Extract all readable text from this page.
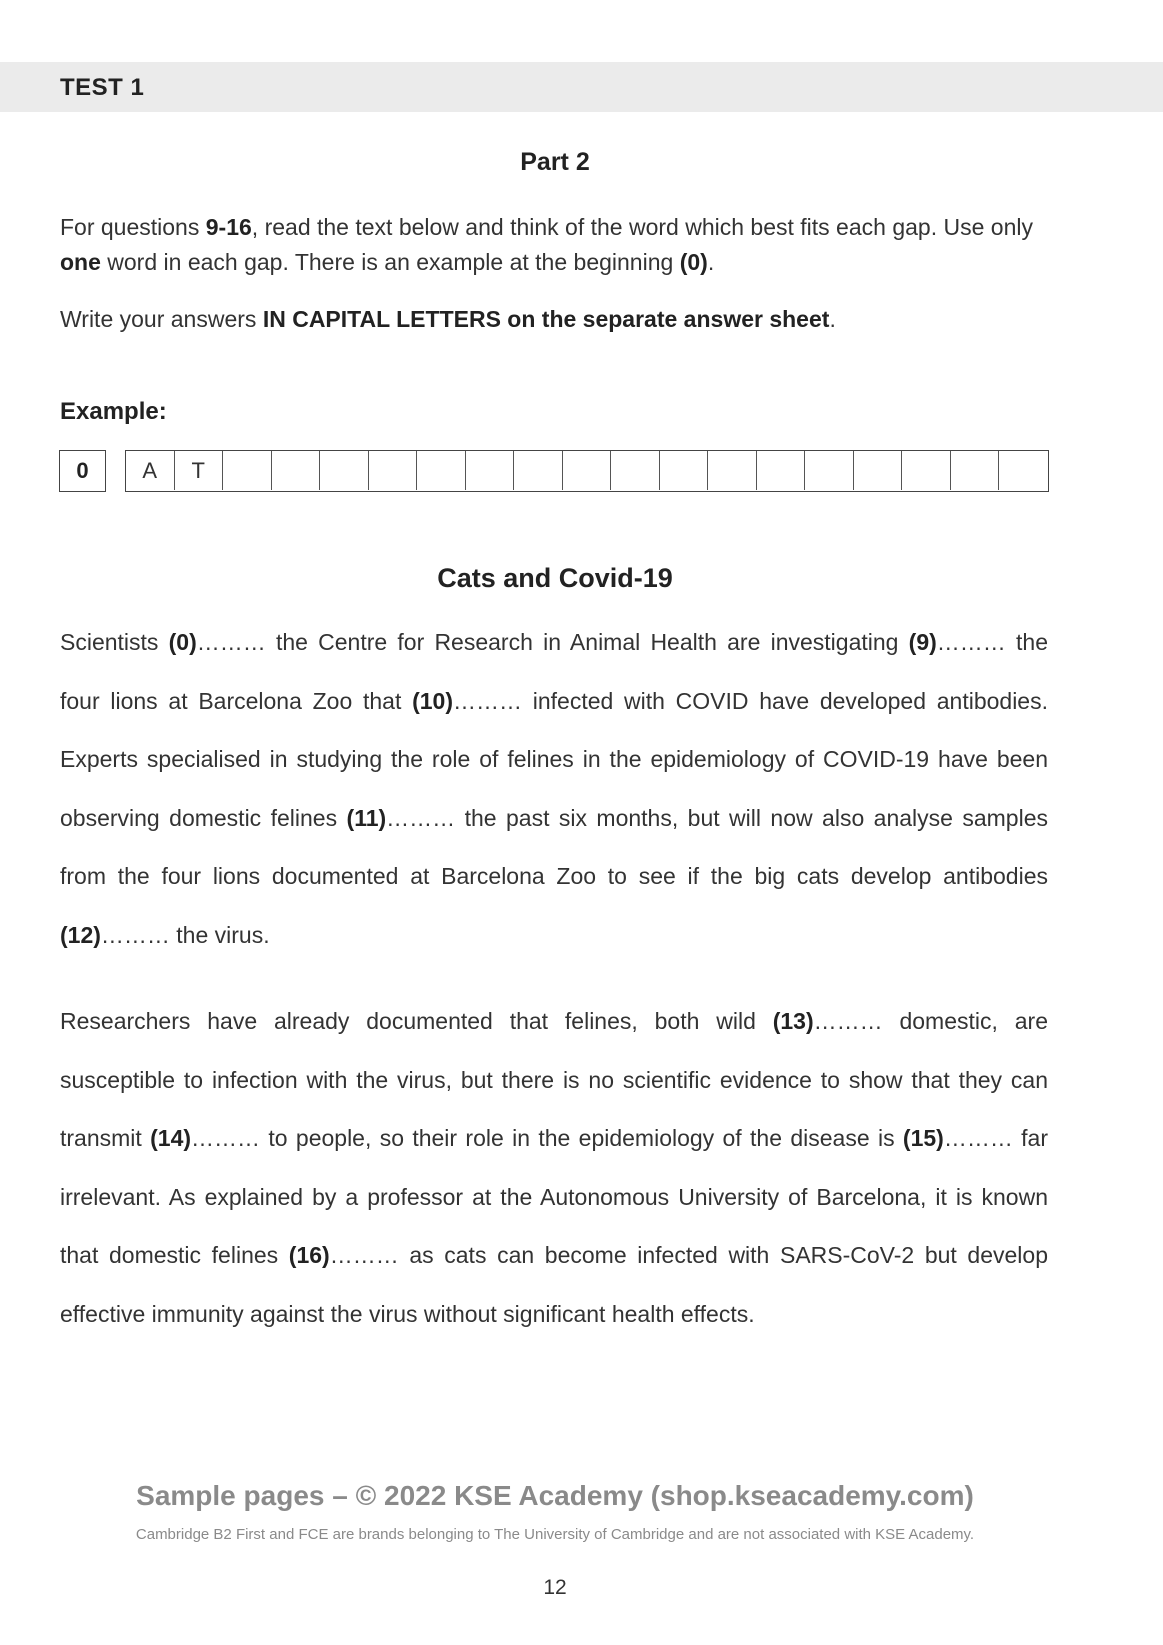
TEST 1
Part 2
For questions 9-16, read the text below and think of the word which best fits each gap. Use only one word in each gap. There is an example at the beginning (0).
Write your answers IN CAPITAL LETTERS on the separate answer sheet.
Example:
0	A	T
Cats and Covid-19
Scientists (0)……… the Centre for Research in Animal Health are investigating (9)……… the four lions at Barcelona Zoo that (10)……… infected with COVID have developed antibodies. Experts specialised in studying the role of felines in the epidemiology of COVID-19 have been observing domestic felines (11)……… the past six months, but will now also analyse samples from the four lions documented at Barcelona Zoo to see if the big cats develop antibodies (12)……… the virus.
Researchers have already documented that felines, both wild (13)……… domestic, are susceptible to infection with the virus, but there is no scientific evidence to show that they can transmit (14)……… to people, so their role in the epidemiology of the disease is (15)……… far irrelevant. As explained by a professor at the Autonomous University of Barcelona, it is known that domestic felines (16)……… as cats can become infected with SARS-CoV-2 but develop effective immunity against the virus without significant health effects.
Sample pages – © 2022 KSE Academy (shop.kseacademy.com)
Cambridge B2 First and FCE are brands belonging to The University of Cambridge and are not associated with KSE Academy.
12
